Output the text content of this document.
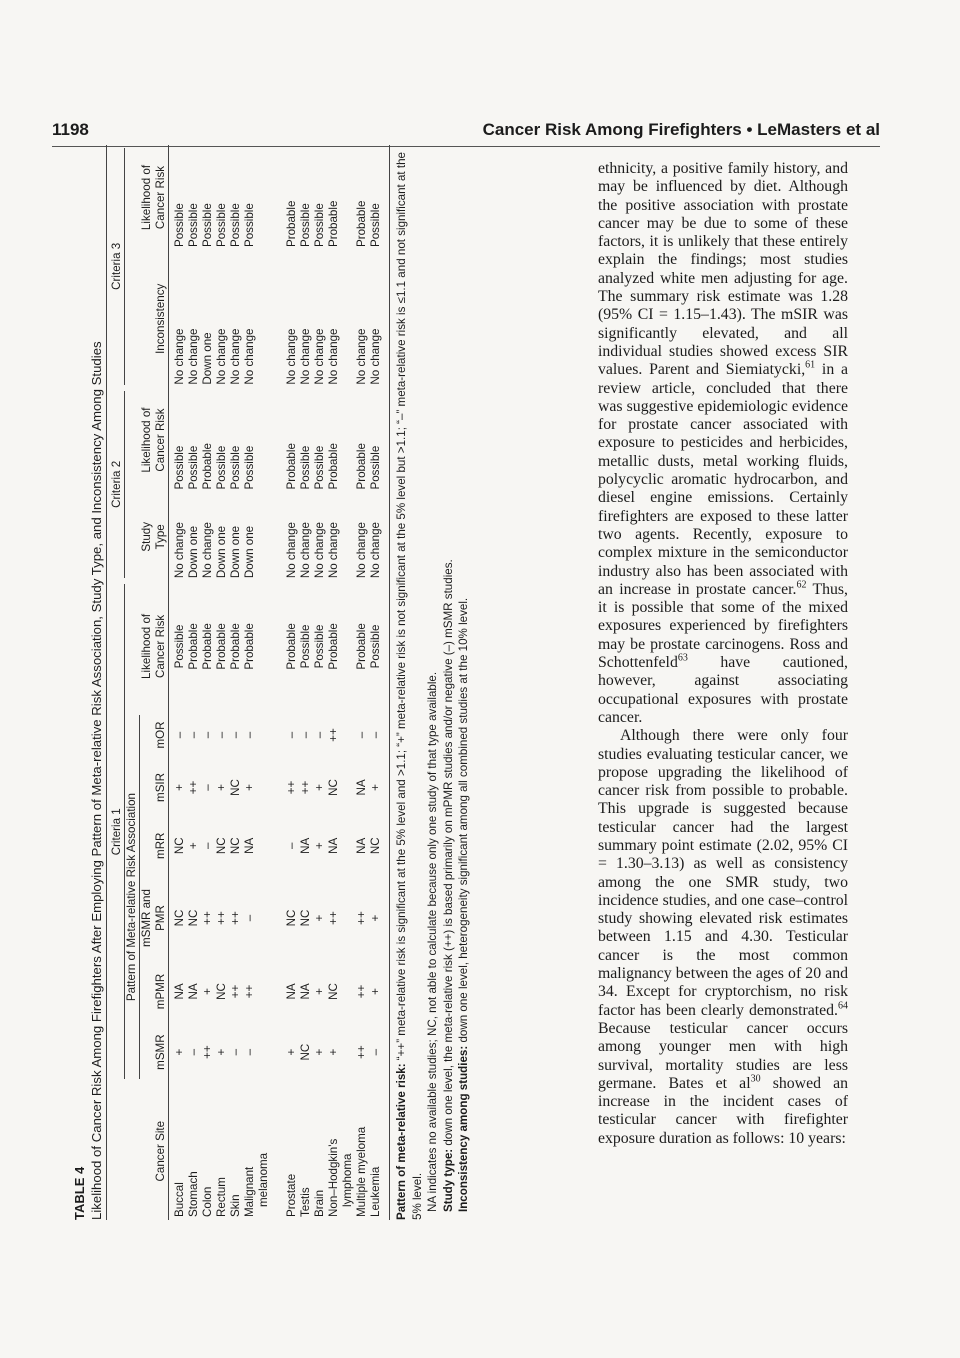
1198	Cancer Risk Among Firefighters • LeMasters et al
TABLE 4 Likelihood of Cancer Risk Among Firefighters After Employing Pattern of Meta-relative Risk Association, Study Type, and Inconsistency Among Studies

	Criteria 1							Criteria 2		Criteria 3	

	Pattern of Meta-relative Risk Association										

			mSMR and				Likelihood of	Study	Likelihood of		Likelihood of
Cancer Site	mSMR	mPMR	PMR	mRR	mSIR	mOR	Cancer Risk	Type	Cancer Risk	Inconsistency	Cancer Risk
Buccal	+	NA	NC	NC	+	–	Possible	No change	Possible	No change	Possible
Stomach	–	NA	NC	+	++	–	Probable	Down one	Possible	No change	Possible
Colon	++	+	++	–	–	–	Probable	No change	Probable	Down one	Possible
Rectum	+	NC	++	NC	+	–	Probable	Down one	Possible	No change	Possible
Skin	–	++	++	NC	NC	–	Probable	Down one	Possible	No change	Possible
Malignant
melanoma	–	++	–	NA	+	–	Probable	Down one	Possible	No change	Possible
Prostate	+	NA	NC	–	++	–	Probable	No change	Probable	No change	Probable
Testis	NC	NA	NC	NA	++	–	Possible	No change	Possible	No change	Possible
Brain	+	+	+	+	+	–	Possible	No change	Possible	No change	Possible
Non–Hodgkin's
lymphoma	+	NC	++	NA	NC	++	Probable	No change	Probable	No change	Probable
Multiple myeloma	++	++	++	NA	NA	–	Probable	No change	Probable	No change	Probable
Leukemia	–	+	+	NC	+	–	Possible	No change	Possible	No change	Possible
Pattern of meta-relative risk: “++” meta-relative risk is significant at the 5% level and >1.1; “+” meta-relative risk is not significant at the 5% level but >1.1; “–” meta-relative risk is ≤1.1 and not significant at the 5% level. NA indicates no available studies; NC, not able to calculate because only one study of that type available. Study type: down one level, the meta-relative risk (++) is based primarily on mPMR studies and/or negative (–) mSMR studies. Inconsistency among studies: down one level, heterogeneity significant among all combined studies at the 10% level.

ethnicity, a positive family history, and may be influenced by diet. Although the positive association with prostate cancer may be due to some of these factors, it is unlikely that these entirely explain the findings; most studies analyzed white men adjusting for age. The summary risk estimate was 1.28 (95% CI = 1.15–1.43). The mSIR was significantly elevated, and all individual studies showed excess SIR values. Parent and Siemiatycki,$^{61}$ in a review article, concluded that there was suggestive epidemiologic evidence for prostate cancer associated with exposure to pesticides and herbicides, metallic dusts, metal working fluids, polycyclic aromatic hydrocarbon, and diesel engine emissions. Certainly firefighters are exposed to these latter two agents. Recently, exposure to complex mixture in the semiconductor industry also has been associated with an increase in prostate cancer.$^{62}$ Thus, it is possible that some of the mixed exposures experienced by firefighters may be prostate carcinogens. Ross and Schottenfeld$^{63}$ have cautioned, however, against associating occupational exposures with prostate cancer.

Although there were only four studies evaluating testicular cancer, we propose upgrading the likelihood of cancer risk from possible to probable. This upgrade is suggested because testicular cancer had the largest summary point estimate (2.02, 95% CI = 1.30–3.13) as well as consistency among the one SMR study, two incidence studies, and one case–control study showing elevated risk estimates between 1.15 and 4.30. Testicular cancer is the most common malignancy between the ages of 20 and 34. Except for cryptorchism, no risk factor has been clearly demonstrated.$^{64}$ Because testicular cancer occurs among younger men with high survival, mortality studies are less germane. Bates et $al^{30}$ showed an increase in the incident cases of testicular cancer with firefighter exposure duration as follows: 10 years:
